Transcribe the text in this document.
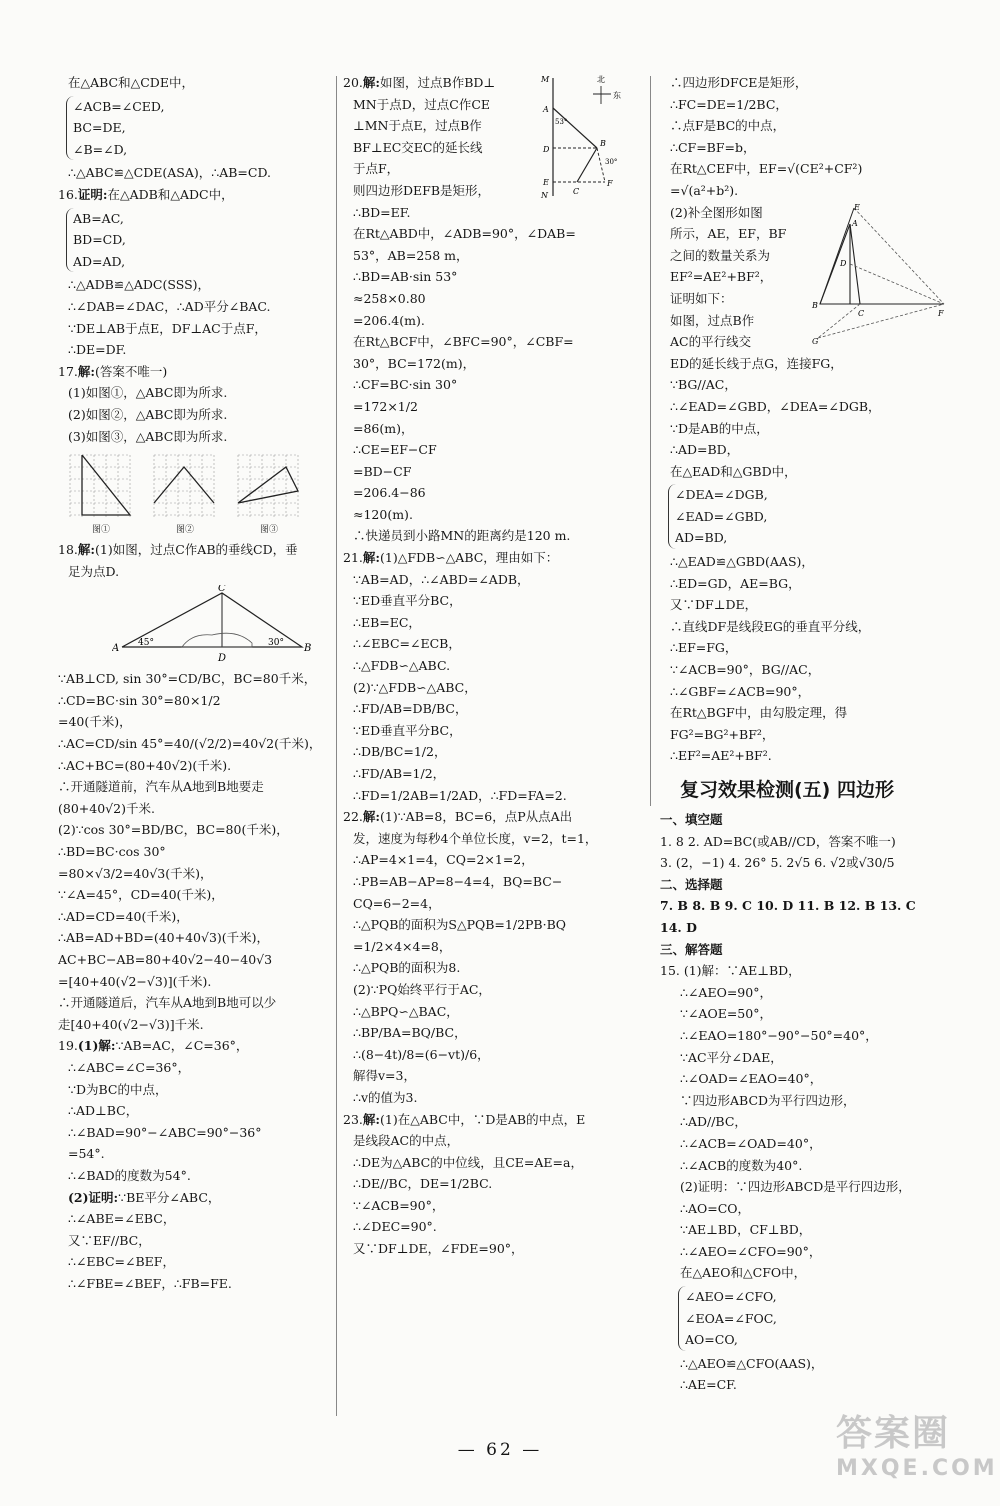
在△ABC和△CDE中，
∠ACB=∠CED,
BC=DE,
∠B=∠D,
∴△ABC≌△CDE(ASA)，∴AB=CD.
16.证明:在△ADB和△ADC中，
AB=AC,
BD=CD,
AD=AD,
∴△ADB≌△ADC(SSS)，
∴∠DAB=∠DAC，∴AD平分∠BAC.
∵DE⊥AB于点E，DF⊥AC于点F，
∴DE=DF.
17.解:(答案不唯一)
(1)如图①，△ABC即为所求.
(2)如图②，△ABC即为所求.
(3)如图③，△ABC即为所求.
图①	图②	图③
18.解:(1)如图，过点C作AB的垂线CD，垂
足为点D.
A	B
C
D
45°	30°
∵AB⊥CD, sin 30°=CD/BC，BC=80千米，
∴CD=BC·sin 30°=80×1/2
=40(千米)，
∴AC=CD/sin 45°=40/(√2/2)=40√2(千米)，
∴AC+BC=(80+40√2)(千米).
∴开通隧道前，汽车从A地到B地要走
(80+40√2)千米.
(2)∵cos 30°=BD/BC，BC=80(千米)，
∴BD=BC·cos 30°
=80×√3/2=40√3(千米)，
∵∠A=45°，CD=40(千米)，
∴AD=CD=40(千米)，
∴AB=AD+BD=(40+40√3)(千米)，
AC+BC−AB=80+40√2−40−40√3
=[40+40(√2−√3)](千米).
∴开通隧道后，汽车从A地到B地可以少
走[40+40(√2−√3)]千米.
19.(1)解:∵AB=AC，∠C=36°，
∴∠ABC=∠C=36°，
∵D为BC的中点，
∴AD⊥BC，
∴∠BAD=90°−∠ABC=90°−36°
=54°.
∴∠BAD的度数为54°.
(2)证明:∵BE平分∠ABC，
∴∠ABE=∠EBC，
又∵EF//BC，
∴∠EBC=∠BEF，
∴∠FBE=∠BEF，∴FB=FE.
北
东
M
A
D
E
N
B
C
F
53°
30°
20.解:如图，过点B作BD⊥
MN于点D，过点C作CE
⊥MN于点E，过点B作
BF⊥EC交EC的延长线
于点F，
则四边形DEFB是矩形，
∴BD=EF.
在Rt△ABD中，∠ADB=90°，∠DAB=
53°，AB=258 m，
∴BD=AB·sin 53°
≈258×0.80
=206.4(m).
在Rt△BCF中，∠BFC=90°，∠CBF=
30°，BC=172(m)，
∴CF=BC·sin 30°
=172×1/2
=86(m)，
∴CE=EF−CF
=BD−CF
=206.4−86
≈120(m).
∴快递员到小路MN的距离约是120 m.
21.解:(1)△FDB∽△ABC，理由如下：
∵AB=AD，∴∠ABD=∠ADB，
∵ED垂直平分BC，
∴EB=EC，
∴∠EBC=∠ECB，
∴△FDB∽△ABC.
(2)∵△FDB∽△ABC，
∴FD/AB=DB/BC，
∵ED垂直平分BC，
∴DB/BC=1/2，
∴FD/AB=1/2，
∴FD=1/2AB=1/2AD，∴FD=FA=2.
22.解:(1)∵AB=8，BC=6，点P从点A出
发，速度为每秒4个单位长度，v=2，t=1，
∴AP=4×1=4，CQ=2×1=2，
∴PB=AB−AP=8−4=4，BQ=BC−
CQ=6−2=4，
∴△PQB的面积为S△PQB=1/2PB·BQ
=1/2×4×4=8，
∴△PQB的面积为8.
(2)∵PQ始终平行于AC，
∴△BPQ∽△BAC，
∴BP/BA=BQ/BC，
∴(8−4t)/8=(6−vt)/6，
解得v=3，
∴v的值为3.
23.解:(1)在△ABC中，∵D是AB的中点，E
是线段AC的中点，
∴DE为△ABC的中位线，且CE=AE=a，
∴DE//BC，DE=1/2BC.
∵∠ACB=90°，
∴∠DEC=90°.
又∵DF⊥DE，∠FDE=90°，
∴四边形DFCE是矩形，
∴FC=DE=1/2BC，
∴点F是BC的中点，
∴CF=BF=b，
在Rt△CEF中，EF=√(CE²+CF²)
=√(a²+b²).
E
A
D
B
C	F
G
(2)补全图形如图
所示，AE，EF，BF
之间的数量关系为
EF²=AE²+BF²，
证明如下：
如图，过点B作
AC的平行线交
ED的延长线于点G，连接FG，
∵BG//AC，
∴∠EAD=∠GBD，∠DEA=∠DGB，
∵D是AB的中点，
∴AD=BD，
在△EAD和△GBD中，
∠DEA=∠DGB,
∠EAD=∠GBD,
AD=BD,
∴△EAD≌△GBD(AAS)，
∴ED=GD，AE=BG，
又∵DF⊥DE，
∴直线DF是线段EG的垂直平分线，
∴EF=FG，
∵∠ACB=90°，BG//AC，
∴∠GBF=∠ACB=90°，
在Rt△BGF中，由勾股定理，得
FG²=BG²+BF²，
∴EF²=AE²+BF².
复习效果检测(五) 四边形
一、填空题
1. 8 2. AD=BC(或AB//CD，答案不唯一)
3. (2，−1) 4. 26° 5. 2√5 6. √2或√30/5
二、选择题
7. B 8. B 9. C 10. D 11. B 12. B 13. C
14. D
三、解答题
15. (1)解：∵AE⊥BD，
∴∠AEO=90°，
∵∠AOE=50°，
∴∠EAO=180°−90°−50°=40°，
∵AC平分∠DAE，
∴∠OAD=∠EAO=40°，
∵四边形ABCD为平行四边形，
∴AD//BC，
∴∠ACB=∠OAD=40°，
∴∠ACB的度数为40°.
(2)证明：∵四边形ABCD是平行四边形，
∴AO=CO，
∵AE⊥BD，CF⊥BD，
∴∠AEO=∠CFO=90°，
在△AEO和△CFO中，
∠AEO=∠CFO,
∠EOA=∠FOC,
AO=CO,
∴△AEO≌△CFO(AAS)，
∴AE=CF.
— 62 —	答案圈
MXQE.COM
